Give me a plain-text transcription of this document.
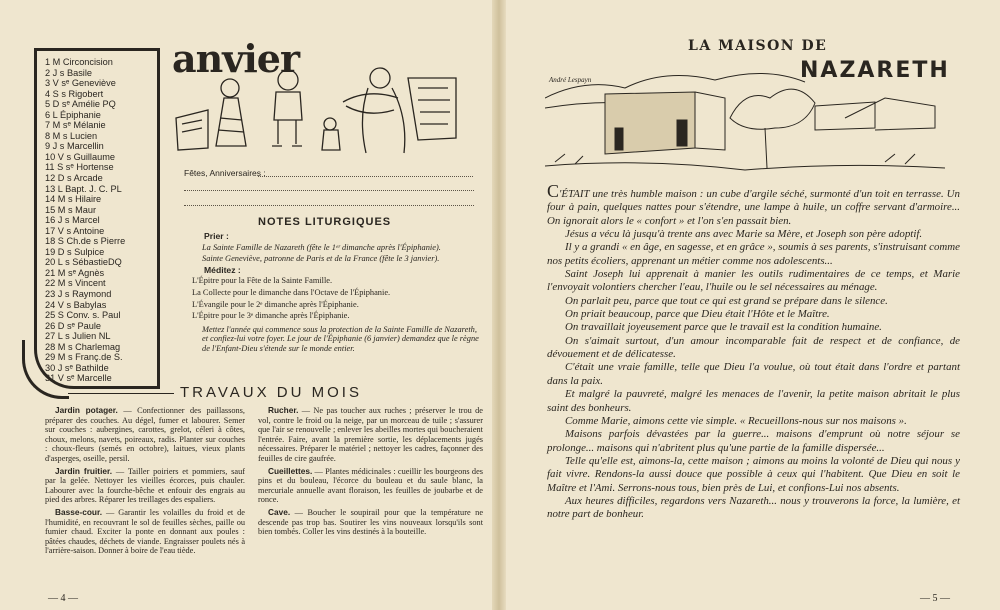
1 M Circoncision
2 J s Basile
3 V sᵉ Geneviève
4 S s Rigobert
5 D sᵉ Amélie PQ
6 L Épiphanie
7 M sᵉ Mélanie
8 M s Lucien
9 J s Marcellin
10 V s Guillaume
11 S sᵉ Hortense
12 D s Arcade
13 L Bapt. J. C. PL
14 M s Hilaire
15 M s Maur
16 J s Marcel
17 V s Antoine
18 S Ch.de s Pierre
19 D s Sulpice
20 L s SébastieDQ
21 M sᵉ Agnès
22 M s Vincent
23 J s Raymond
24 V s Babylas
25 S Conv. s. Paul
26 D sᵉ Paule
27 L s Julien NL
28 M s Charlemag
29 M s Franç.de S.
30 J sᵉ Bathilde
31 V sᵉ Marcelle
anvier
Fêtes, Anniversaires :
NOTES LITURGIQUES
Prier :

La Sainte Famille de Nazareth (fête le 1ᵉʳ dimanche après l'Épiphanie).

Sainte Geneviève, patronne de Paris et de la France (fête le 3 janvier).

Méditez :

L'Épitre pour la Fête de la Sainte Famille.

La Collecte pour le dimanche dans l'Octave de l'Épiphanie.

L'Évangile pour le 2ᵉ dimanche après l'Épiphanie.

L'Épitre pour le 3ᵉ dimanche après l'Épiphanie.

Mettez l'année qui commence sous la protection de la Sainte Famille de Nazareth, et confiez-lui votre foyer. Le jour de l'Épiphanie (6 janvier) demandez que le règne de l'Enfant-Dieu s'étende sur le monde entier.

TRAVAUX DU MOIS

Jardin potager. — Confectionner des paillassons, préparer des couches. Au dégel, fumer et labourer. Semer sur couches : aubergines, carottes, grelot, céleri à côtes, choux, melons, navets, poireaux, radis. Planter sur couches : choux-fleurs (semés en octobre), laitues, vieux plants d'asperges, oseille, persil.

Jardin fruitier. — Tailler poiriers et pommiers, sauf par la gelée. Nettoyer les vieilles écorces, puis chauler. Labourer avec la fourche-bêche et enfouir des engrais au pied des arbres. Réparer les treillages des espaliers.

Basse-cour. — Garantir les volailles du froid et de l'humidité, en recouvrant le sol de feuilles sèches, paille ou fumier chaud. Exciter la ponte en donnant aux poules : pâtées chaudes, déchets de viande. Engraisser poulets nés à l'arrière-saison. Donner à boire de l'eau tiède.

Rucher. — Ne pas toucher aux ruches ; préserver le trou de vol, contre le froid ou la neige, par un morceau de tuile ; s'assurer que l'air se renouvelle ; enlever les abeilles mortes qui boucheraient l'entrée. Faire, avant la première sortie, les déplacements jugés nécessaires. Préparer le matériel ; nettoyer les cadres, façonner des feuilles de cire gaufrée.

Cueillettes. — Plantes médicinales : cueillir les bourgeons des pins et du bouleau, l'écorce du bouleau et du saule blanc, la mercuriale annuelle avant floraison, les feuilles de joubarbe et de ronce.

Cave. — Boucher le soupirail pour que la température ne descende pas trop bas. Soutirer les vins nouveaux lorsqu'ils sont bien tombés. Coller les vins destinés à la bouteille.

— 4 —
LA MAISON DE
NAZARETH
André Lespayn

C'ÉTAIT une très humble maison : un cube d'argile séché, surmonté d'un toit en terrasse. Un four à pain, quelques nattes pour s'étendre, une lampe à huile, un coffre servant d'armoire... On ignorait alors le « confort » et l'on s'en passait bien.

Jésus a vécu là jusqu'à trente ans avec Marie sa Mère, et Joseph son père adoptif.

Il y a grandi « en âge, en sagesse, et en grâce », soumis à ses parents, s'instruisant comme nos petits écoliers, apprenant un métier comme nos adolescents...

Saint Joseph lui apprenait à manier les outils rudimentaires de ce temps, et Marie l'envoyait volontiers chercher l'eau, l'huile ou le sel nécessaires au ménage.

On parlait peu, parce que tout ce qui est grand se prépare dans le silence.

On priait beaucoup, parce que Dieu était l'Hôte et le Maître.

On travaillait joyeusement parce que le travail est la condition humaine.

On s'aimait surtout, d'un amour incomparable fait de respect et de confiance, de dévouement et de délicatesse.

C'était une vraie famille, telle que Dieu l'a voulue, où tout était dans l'ordre et partant dans la paix.

Et malgré la pauvreté, malgré les menaces de l'avenir, la petite maison abritait le plus saint des bonheurs.

Comme Marie, aimons cette vie simple. « Recueillons-nous sur nos maisons ».

Maisons parfois dévastées par la guerre... maisons d'emprunt où notre séjour se prolonge... maisons qui n'abritent plus qu'une partie de la famille dispersée...

Telle qu'elle est, aimons-la, cette maison ; aimons au moins la volonté de Dieu qui nous y fait vivre. Rendons-la aussi douce que possible à ceux qui l'habitent. Que Dieu en soit le Maître et l'Ami. Serrons-nous tous, bien près de Lui, et confions-Lui nos absents.

Aux heures difficiles, regardons vers Nazareth... nous y trouverons la force, la lumière, et notre part de bonheur.

— 5 —
